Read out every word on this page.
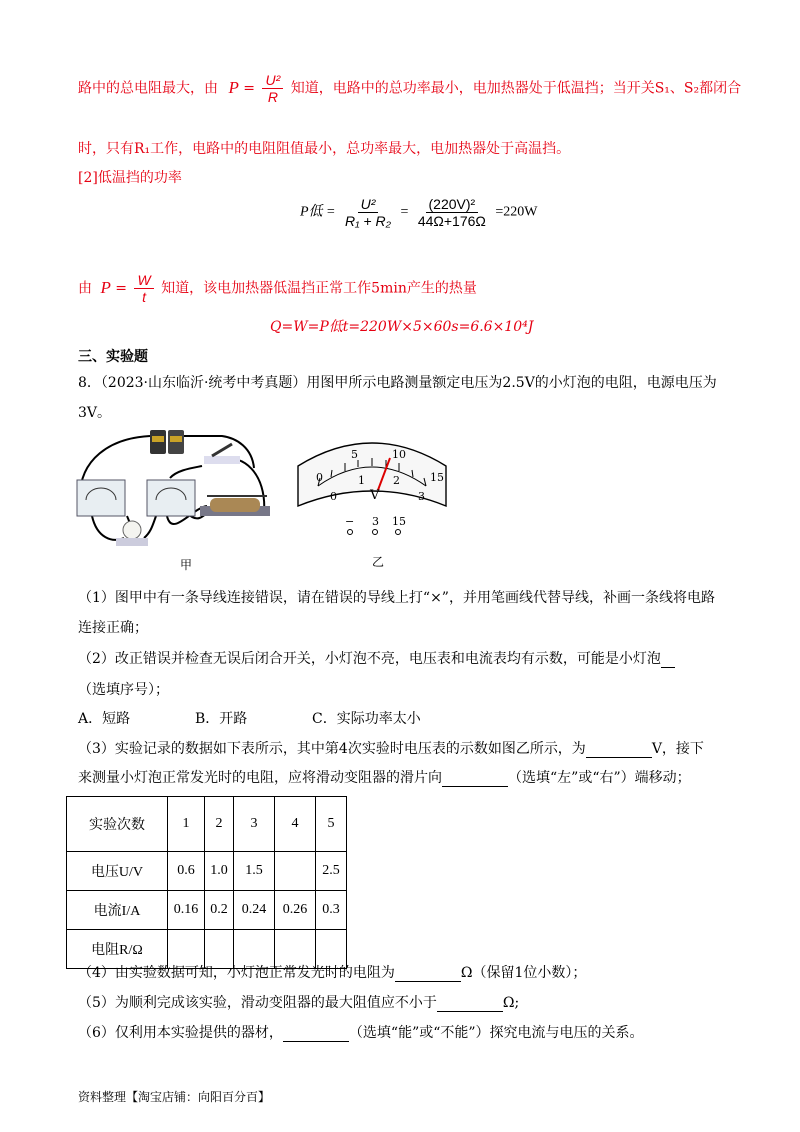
路中的总电阻最大，由 $P = \frac{\text{U²}}{R}$ 知道，电路中的总功率最小，电加热器处于低温挡；当开关S₁、S₂都闭合
时，只有R₁工作，电路中的电阻阻值最小，总功率最大，电加热器处于高温挡。
[2]低温挡的功率
P低 = $\frac{\text{U²}}{\text{R₁ + R₂}} = \frac{\text{(220V)²}}{44\Omega+176\Omega} =220W$
由 $P = \frac{W}{t}$ 知道，该电加热器低温挡正常工作5min产生的热量
Q=W=P低t=220W×5×60s=6.6×10⁴J
三、实验题
8．（2023·山东临沂·统考中考真题）用图甲所示电路测量额定电压为2.5V的小灯泡的电阻，电源电压为
3V。
甲
0
5	10
15
0
1	2
3
V
− 3 15
乙
（1）图甲中有一条导线连接错误，请在错误的导线上打“×”，并用笔画线代替导线，补画一条线将电路
连接正确；
（2）改正错误并检查无误后闭合开关，小灯泡不亮，电压表和电流表均有示数，可能是小灯泡
（选填序号）；
A．短路	B．开路	C．实际功率太小
（3）实验记录的数据如下表所示，其中第4次实验时电压表的示数如图乙所示，为	V，接下
来测量小灯泡正常发光时的电阻，应将滑动变阻器的滑片向	（选填“左”或“右”）端移动；
实验次数	1	2	3	4	5
电压U/V	0.6	1.0	1.5		2.5
电流I/A	0.16	0.2	0.24	0.26	0.3
电阻R/Ω					
（4）由实验数据可知，小灯泡正常发光时的电阻为	Ω（保留1位小数）；
（5）为顺利完成该实验，滑动变阻器的最大阻值应不小于	Ω;
（6）仅利用本实验提供的器材，	（选填“能”或“不能”）探究电流与电压的关系。
资料整理【淘宝店铺：向阳百分百】
